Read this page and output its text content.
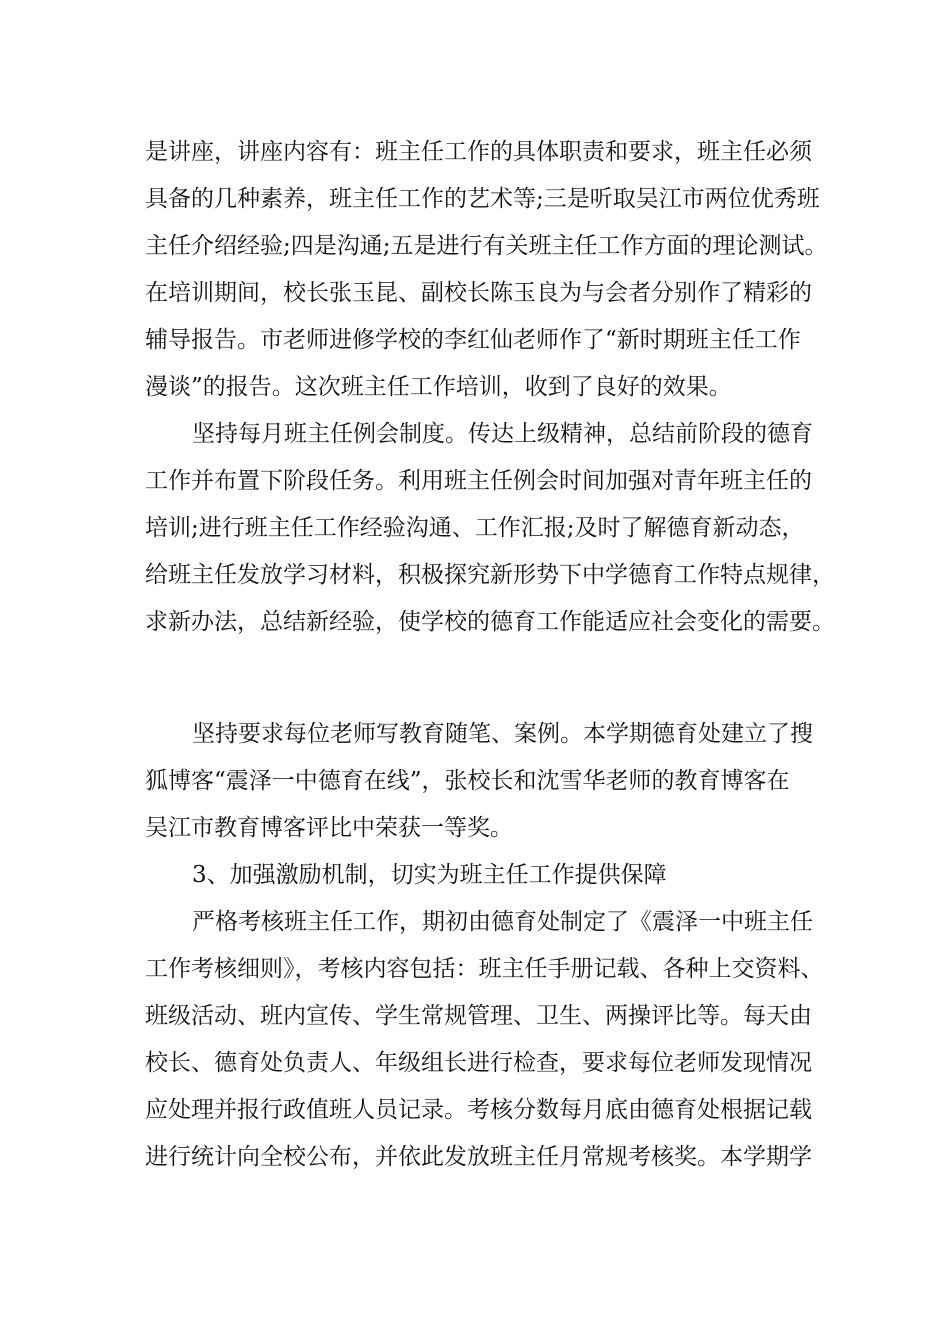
是讲座，讲座内容有：班主任工作的具体职责和要求，班主任必须

具备的几种素养，班主任工作的艺术等;三是听取吴江市两位优秀班

主任介绍经验;四是沟通;五是进行有关班主任工作方面的理论测试。

在培训期间，校长张玉昆、副校长陈玉良为与会者分别作了精彩的

辅导报告。市老师进修学校的李红仙老师作了“新时期班主任工作

漫谈”的报告。这次班主任工作培训，收到了良好的效果。

坚持每月班主任例会制度。传达上级精神，总结前阶段的德育

工作并布置下阶段任务。利用班主任例会时间加强对青年班主任的

培训;进行班主任工作经验沟通、工作汇报;及时了解德育新动态，

给班主任发放学习材料，积极探究新形势下中学德育工作特点规律，

求新办法，总结新经验，使学校的德育工作能适应社会变化的需要。

坚持要求每位老师写教育随笔、案例。本学期德育处建立了搜

狐博客“震泽一中德育在线”，张校长和沈雪华老师的教育博客在

吴江市教育博客评比中荣获一等奖。

3、加强激励机制，切实为班主任工作提供保障

严格考核班主任工作，期初由德育处制定了《震泽一中班主任

工作考核细则》，考核内容包括：班主任手册记载、各种上交资料、

班级活动、班内宣传、学生常规管理、卫生、两操评比等。每天由

校长、德育处负责人、年级组长进行检查，要求每位老师发现情况

应处理并报行政值班人员记录。考核分数每月底由德育处根据记载

进行统计向全校公布，并依此发放班主任月常规考核奖。本学期学
